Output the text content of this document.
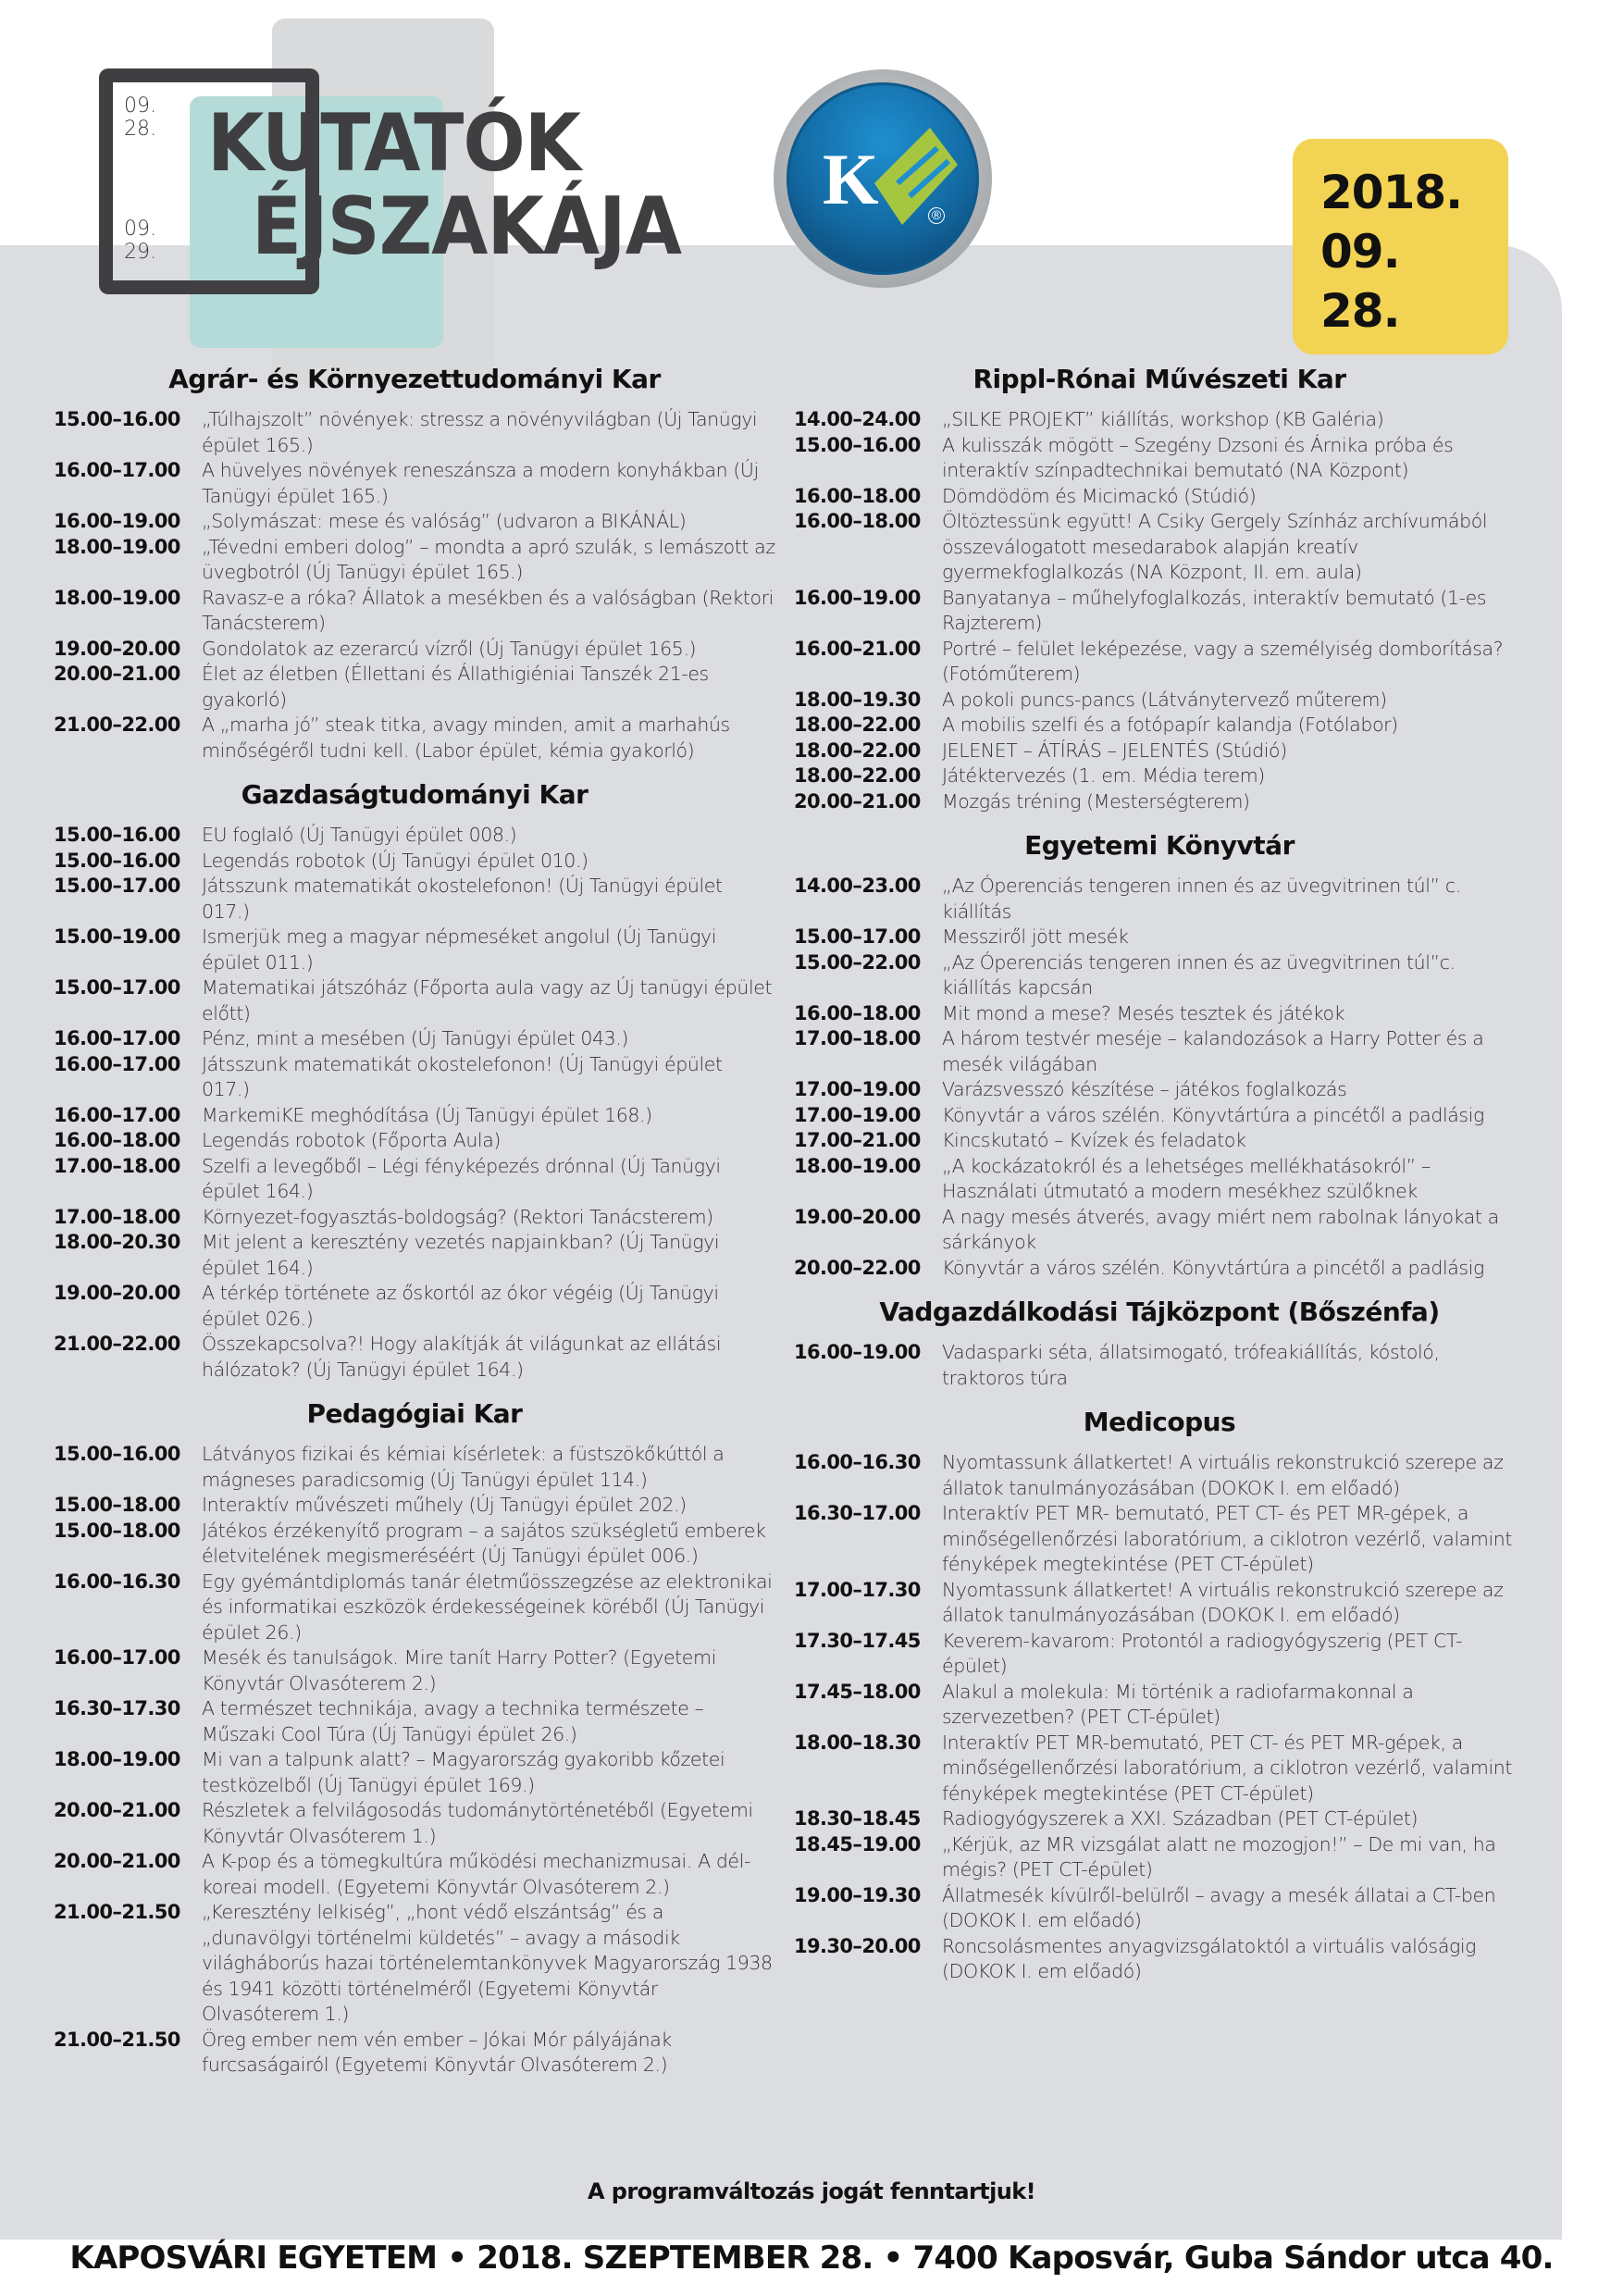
09.
28.
09.
29.
KUTATÓK
ÉJSZAKÁJA
K	®	2018.
09.
28.
Agrár- és Környezettudományi Kar
15.00–16.00	„Túlhajszolt” növények: stressz a növényvilágban (Új Tanügyi épület 165.)
16.00–17.00	A hüvelyes növények reneszánsza a modern konyhákban (Új Tanügyi épület 165.)
16.00–19.00	„Solymászat: mese és valóság” (udvaron a BIKÁNÁL)
18.00–19.00	„Tévedni emberi dolog” – mondta a apró szulák, s lemászott az üvegbotról (Új Tanügyi épület 165.)
18.00–19.00	Ravasz-e a róka? Állatok a mesékben és a valóságban (Rektori Tanácsterem)
19.00–20.00	Gondolatok az ezerarcú vízről (Új Tanügyi épület 165.)
20.00–21.00	Élet az életben (Éllettani és Állathigiéniai Tanszék 21-es gyakorló)
21.00–22.00	A „marha jó” steak titka, avagy minden, amit a marhahús minőségéről tudni kell. (Labor épület, kémia gyakorló)
Gazdaságtudományi Kar
15.00–16.00	EU foglaló (Új Tanügyi épület 008.)
15.00–16.00	Legendás robotok (Új Tanügyi épület 010.)
15.00–17.00	Játsszunk matematikát okostelefonon! (Új Tanügyi épület 017.)
15.00–19.00	Ismerjük meg a magyar népmeséket angolul (Új Tanügyi épület 011.)
15.00–17.00	Matematikai játszóház (Főporta aula vagy az Új tanügyi épület előtt)
16.00–17.00	Pénz, mint a mesében (Új Tanügyi épület 043.)
16.00–17.00	Játsszunk matematikát okostelefonon! (Új Tanügyi épület 017.)
16.00–17.00	MarkemiKE meghódítása (Új Tanügyi épület 168.)
16.00–18.00	Legendás robotok (Főporta Aula)
17.00–18.00	Szelfi a levegőből – Légi fényképezés drónnal (Új Tanügyi épület 164.)
17.00–18.00	Környezet-fogyasztás-boldogság? (Rektori Tanácsterem)
18.00–20.30	Mit jelent a keresztény vezetés napjainkban? (Új Tanügyi épület 164.)
19.00–20.00	A térkép története az őskortól az ókor végéig (Új Tanügyi épület 026.)
21.00–22.00	Összekapcsolva?! Hogy alakítják át világunkat az ellátási hálózatok? (Új Tanügyi épület 164.)
Pedagógiai Kar
15.00–16.00	Látványos fizikai és kémiai kísérletek: a füstszökőkúttól a mágneses paradicsomig (Új Tanügyi épület 114.)
15.00–18.00	Interaktív művészeti műhely (Új Tanügyi épület 202.)
15.00–18.00	Játékos érzékenyítő program – a sajátos szükségletű emberek életvitelének megismeréséért (Új Tanügyi épület 006.)
16.00–16.30	Egy gyémántdiplomás tanár életműösszegzése az elektronikai és informatikai eszközök érdekességeinek köréből (Új Tanügyi épület 26.)
16.00–17.00	Mesék és tanulságok. Mire tanít Harry Potter? (Egyetemi Könyvtár Olvasóterem 2.)
16.30–17.30	A természet technikája, avagy a technika természete – Műszaki Cool Túra (Új Tanügyi épület 26.)
18.00–19.00	Mi van a talpunk alatt? – Magyarország gyakoribb kőzetei testközelből (Új Tanügyi épület 169.)
20.00–21.00	Részletek a felvilágosodás tudománytörténetéből (Egyetemi Könyvtár Olvasóterem 1.)
20.00–21.00	A K-pop és a tömegkultúra működési mechanizmusai. A dél-koreai modell. (Egyetemi Könyvtár Olvasóterem 2.)
21.00–21.50	„Keresztény lelkiség”, „hont védő elszántság” és a „dunavölgyi történelmi küldetés” – avagy a második világháborús hazai történelemtankönyvek Magyarország 1938 és 1941 közötti történelméről (Egyetemi Könyvtár Olvasóterem 1.)
21.00–21.50	Öreg ember nem vén ember – Jókai Mór pályájának furcsaságairól (Egyetemi Könyvtár Olvasóterem 2.)
Rippl-Rónai Művészeti Kar
14.00–24.00	„SILKE PROJEKT” kiállítás, workshop (KB Galéria)
15.00–16.00	A kulisszák mögött – Szegény Dzsoni és Árnika próba és interaktív színpadtechnikai bemutató (NA Központ)
16.00–18.00	Dömdödöm és Micimackó (Stúdió)
16.00–18.00	Öltöztessünk együtt! A Csiky Gergely Színház archívumából összeválogatott mesedarabok alapján kreatív gyermekfoglalkozás (NA Központ, II. em. aula)
16.00–19.00	Banyatanya – műhelyfoglalkozás, interaktív bemutató (1-es Rajzterem)
16.00–21.00	Portré – felület leképezése, vagy a személyiség domborítása? (Fotóműterem)
18.00–19.30	A pokoli puncs-pancs (Látványtervező műterem)
18.00–22.00	A mobilis szelfi és a fotópapír kalandja (Fotólabor)
18.00–22.00	JELENET – ÁTÍRÁS – JELENTÉS (Stúdió)
18.00–22.00	Játéktervezés (1. em. Média terem)
20.00–21.00	Mozgás tréning (Mesterségterem)
Egyetemi Könyvtár
14.00–23.00	„Az Óperenciás tengeren innen és az üvegvitrinen túl” c. kiállítás
15.00–17.00	Messziről jött mesék
15.00–22.00	„Az Óperenciás tengeren innen és az üvegvitrinen túl”c. kiállítás kapcsán
16.00–18.00	Mit mond a mese? Mesés tesztek és játékok
17.00–18.00	A három testvér meséje – kalandozások a Harry Potter és a mesék világában
17.00–19.00	Varázsvesszó készítése – játékos foglalkozás
17.00–19.00	Könyvtár a város szélén. Könyvtártúra a pincétől a padlásig
17.00–21.00	Kincskutató – Kvízek és feladatok
18.00–19.00	„A kockázatokról és a lehetséges mellékhatásokról” – Használati útmutató a modern mesékhez szülőknek
19.00–20.00	A nagy mesés átverés, avagy miért nem rabolnak lányokat a sárkányok
20.00–22.00	Könyvtár a város szélén. Könyvtártúra a pincétől a padlásig
Vadgazdálkodási Tájközpont (Bőszénfa)
16.00–19.00	Vadasparki séta, állatsimogató, trófeakiállítás, kóstoló, traktoros túra
Medicopus
16.00–16.30	Nyomtassunk állatkertet! A virtuális rekonstrukció szerepe az állatok tanulmányozásában (DOKOK I. em előadó)
16.30–17.00	Interaktív PET MR- bemutató, PET CT- és PET MR-gépek, a minőségellenőrzési laboratórium, a ciklotron vezérlő, valamint fényképek megtekintése (PET CT-épület)
17.00–17.30	Nyomtassunk állatkertet! A virtuális rekonstrukció szerepe az állatok tanulmányozásában (DOKOK I. em előadó)
17.30–17.45	Keverem-kavarom: Protontól a radiogyógyszerig (PET CT-épület)
17.45–18.00	Alakul a molekula: Mi történik a radiofarmakonnal a szervezetben? (PET CT-épület)
18.00–18.30	Interaktív PET MR-bemutató, PET CT- és PET MR-gépek, a minőségellenőrzési laboratórium, a ciklotron vezérlő, valamint fényképek megtekintése (PET CT-épület)
18.30–18.45	Radiogyógyszerek a XXI. Században (PET CT-épület)
18.45–19.00	„Kérjük, az MR vizsgálat alatt ne mozogjon!” – De mi van, ha mégis? (PET CT-épület)
19.00–19.30	Állatmesék kívülről-belülről – avagy a mesék állatai a CT-ben (DOKOK I. em előadó)
19.30–20.00	Roncsolásmentes anyagvizsgálatoktól a virtuális valóságig (DOKOK I. em előadó)
A programváltozás jogát fenntartjuk!
KAPOSVÁRI EGYETEM • 2018. SZEPTEMBER 28. • 7400 Kaposvár, Guba Sándor utca 40.
